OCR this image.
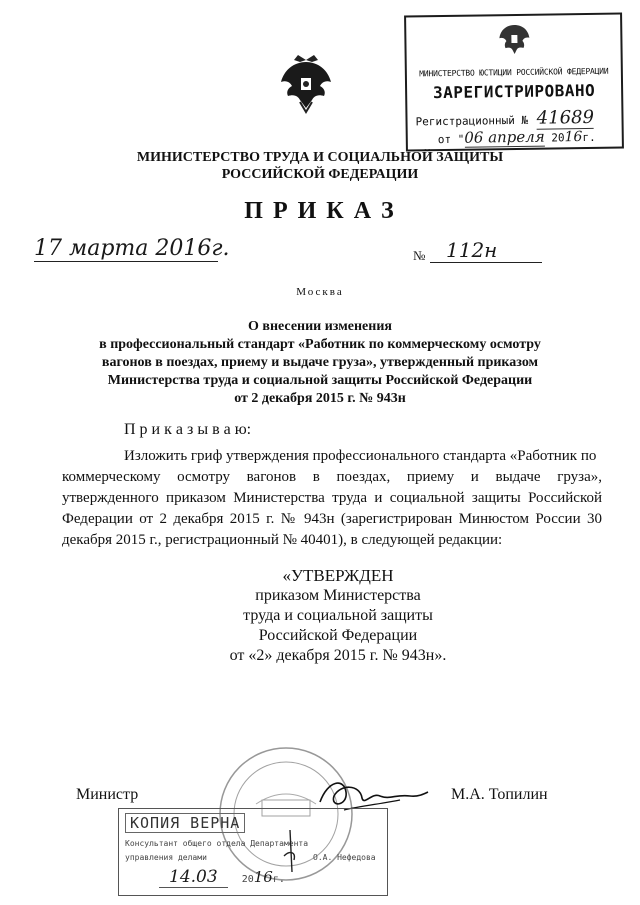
МИНИСТЕРСТВО ЮСТИЦИИ РОССИЙСКОЙ ФЕДЕРАЦИИ
ЗАРЕГИСТРИРОВАНО
Регистрационный № 41689
от "06 апреля 2016г.
МИНИСТЕРСТВО ТРУДА И СОЦИАЛЬНОЙ ЗАЩИТЫ
РОССИЙСКОЙ ФЕДЕРАЦИИ
П Р И К А З
17 марта 2016г.	№	112н
Москва
О внесении изменения
в профессиональный стандарт «Работник по коммерческому осмотру
вагонов в поездах, приему и выдаче груза», утвержденный приказом
Министерства труда и социальной защиты Российской Федерации
от 2 декабря 2015 г. № 943н
П р и к а з ы в а ю:
Изложить гриф утверждения профессионального стандарта «Работник по
коммерческому осмотру вагонов в поездах, приему и выдаче груза»,
утвержденного приказом Министерства труда и социальной защиты Российской
Федерации от 2 декабря 2015 г. № 943н (зарегистрирован Минюстом России 30
декабря 2015 г., регистрационный № 40401), в следующей редакции:
«УТВЕРЖДЕН
приказом Министерства
труда и социальной защиты
Российской Федерации
от «2» декабря 2015 г. № 943н».
Министр	М.А. Топилин
КОПИЯ ВЕРНА
Консультант общего отдела Департамента
управления делами	О.А. Нефедова
14.03 2016г.
